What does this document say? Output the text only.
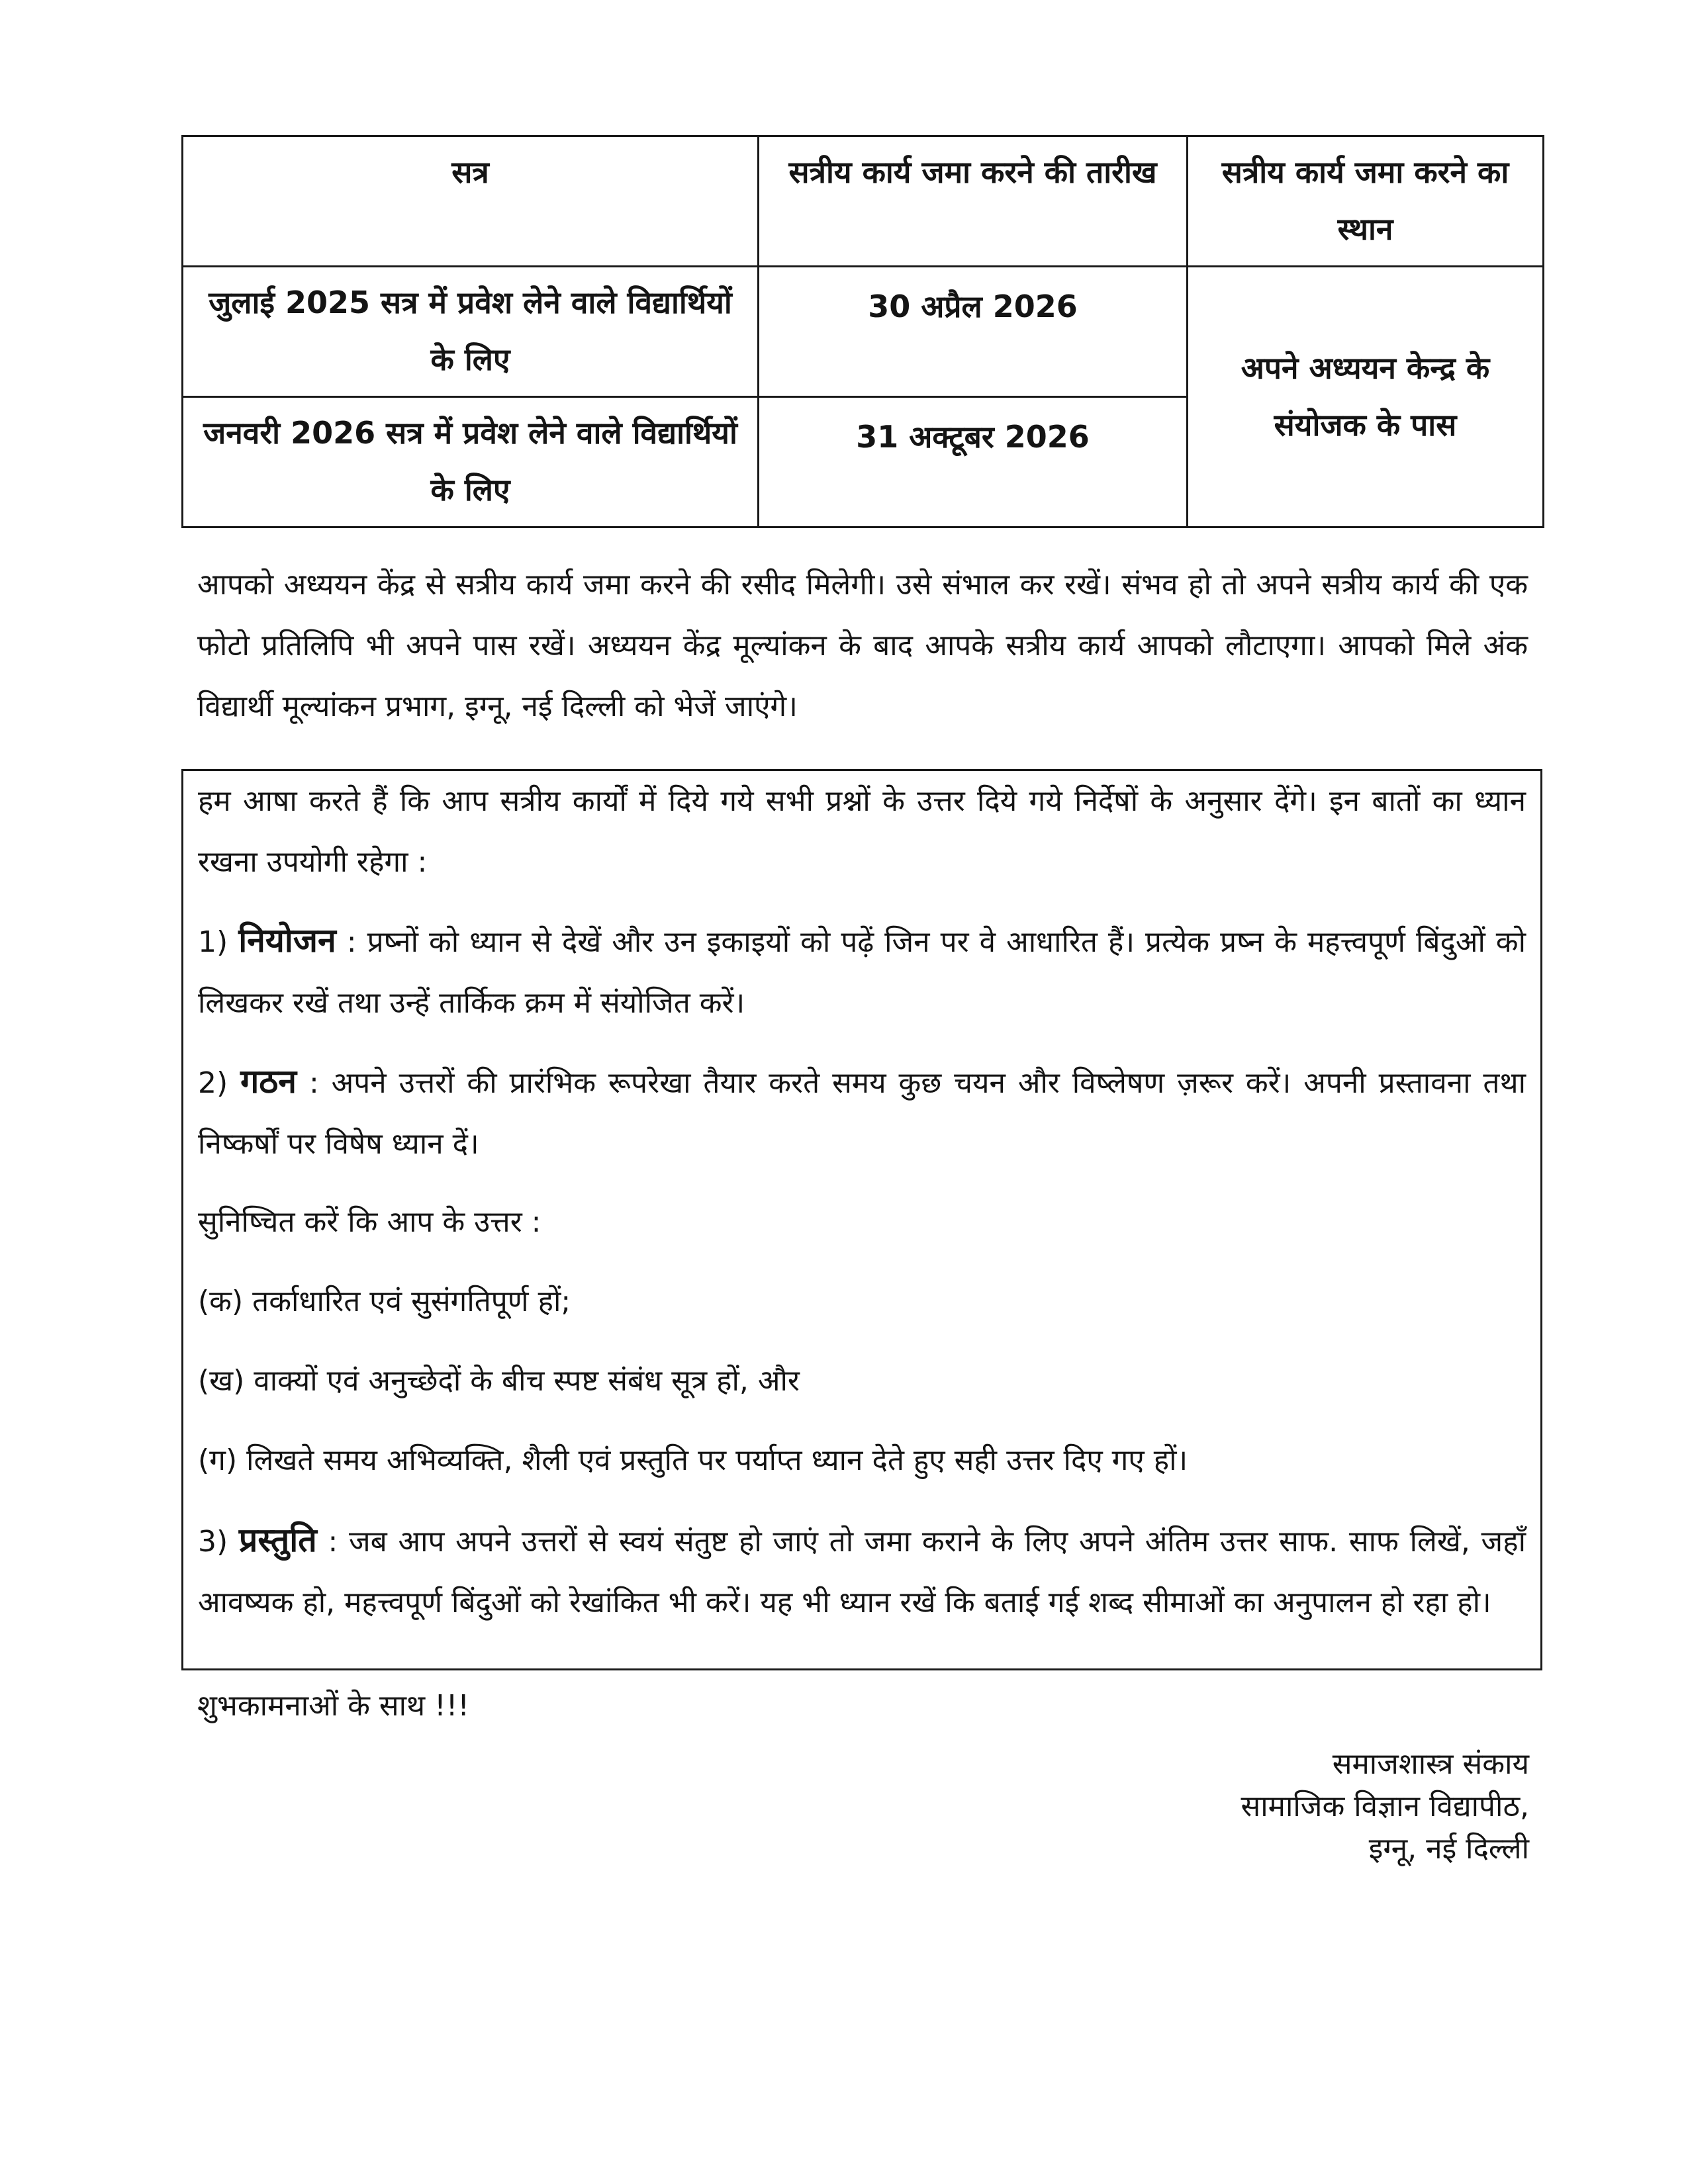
सत्र	सत्रीय कार्य जमा करने की तारीख	सत्रीय कार्य जमा करने का स्थान
जुलाई 2025 सत्र में प्रवेश लेने वाले विद्यार्थियों के लिए	30 अप्रैल 2026	अपने अध्ययन केन्द्र के संयोजक के पास
जनवरी 2026 सत्र में प्रवेश लेने वाले विद्यार्थियों के लिए	31 अक्टूबर 2026	
आपको अध्ययन केंद्र से सत्रीय कार्य जमा करने की रसीद मिलेगी। उसे संभाल कर रखें। संभव हो तो अपने सत्रीय कार्य की एक फोटो प्रतिलिपि भी अपने पास रखें। अध्ययन केंद्र मूल्यांकन के बाद आपके सत्रीय कार्य आपको लौटाएगा। आपको मिले अंक विद्यार्थी मूल्यांकन प्रभाग, इग्नू, नई दिल्ली को भेजें जाएंगे।

हम आषा करते हैं कि आप सत्रीय कार्यों में दिये गये सभी प्रश्नों के उत्तर दिये गये निर्देषों के अनुसार देंगे। इन बातों का ध्यान रखना उपयोगी रहेगा :

1) नियोजन : प्रष्नों को ध्यान से देखें और उन इकाइयों को पढ़ें जिन पर वे आधारित हैं। प्रत्येक प्रष्न के महत्त्वपूर्ण बिंदुओं को लिखकर रखें तथा उन्हें तार्किक क्रम में संयोजित करें।

2) गठन : अपने उत्तरों की प्रारंभिक रूपरेखा तैयार करते समय कुछ चयन और विष्लेषण ज़रूर करें। अपनी प्रस्तावना तथा निष्कर्षों पर विषेष ध्यान दें।

सुनिष्चित करें कि आप के उत्तर :

(क) तर्काधारित एवं सुसंगतिपूर्ण हों;

(ख) वाक्यों एवं अनुच्छेदों के बीच स्पष्ट संबंध सूत्र हों, और

(ग) लिखते समय अभिव्यक्ति, शैली एवं प्रस्तुति पर पर्याप्त ध्यान देते हुए सही उत्तर दिए गए हों।

3) प्रस्तुति : जब आप अपने उत्तरों से स्वयं संतुष्ट हो जाएं तो जमा कराने के लिए अपने अंतिम उत्तर साफ. साफ लिखें, जहाँ आवष्यक हो, महत्त्वपूर्ण बिंदुओं को रेखांकित भी करें। यह भी ध्यान रखें कि बताई गई शब्द सीमाओं का अनुपालन हो रहा हो।

शुभकामनाओं के साथ !!!
समाजशास्त्र संकाय
सामाजिक विज्ञान विद्यापीठ,
इग्नू, नई दिल्ली
